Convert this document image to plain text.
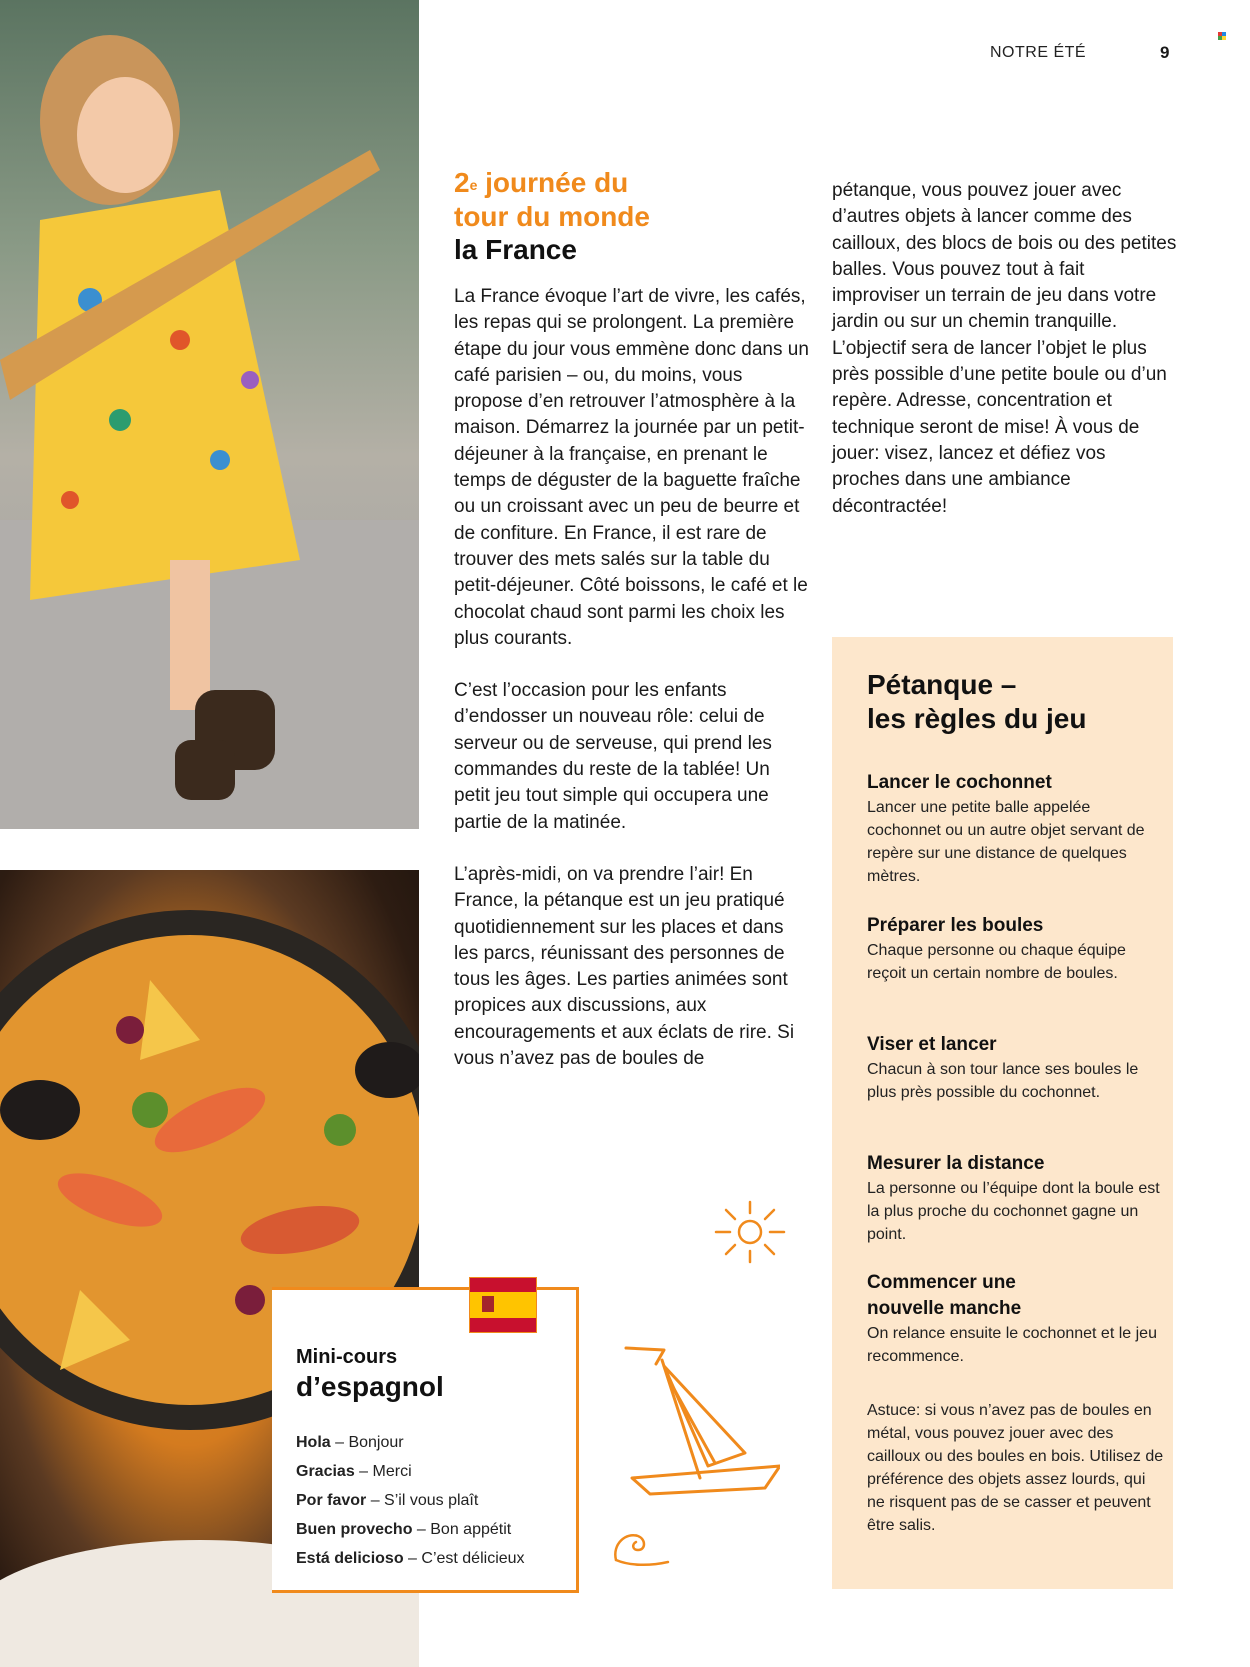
NOTRE ÉTÉ	9
2e journée du
tour du monde
la France

La France évoque l’art de vivre, les cafés, les repas qui se prolongent. La première étape du jour vous emmène donc dans un café parisien – ou, du moins, vous propose d’en retrouver l’atmosphère à la maison. Démarrez la journée par un petit-déjeuner à la française, en prenant le temps de déguster de la baguette fraîche ou un croissant avec un peu de beurre et de confiture. En France, il est rare de trouver des mets salés sur la table du petit-déjeuner. Côté boissons, le café et le chocolat chaud sont parmi les choix les plus courants.

C’est l’occasion pour les enfants d’endosser un nouveau rôle: celui de serveur ou de serveuse, qui prend les commandes du reste de la tablée! Un petit jeu tout simple qui occupera une partie de la matinée.

L’après-midi, on va prendre l’air! En France, la pétanque est un jeu pratiqué quotidiennement sur les places et dans les parcs, réunissant des personnes de tous les âges. Les parties animées sont propices aux discussions, aux encouragements et aux éclats de rire. Si vous n’avez pas de boules de

pétanque, vous pouvez jouer avec d’autres objets à lancer comme des cailloux, des blocs de bois ou des petites balles. Vous pouvez tout à fait improviser un terrain de jeu dans votre jardin ou sur un chemin tranquille. L’objectif sera de lancer l’objet le plus près possible d’une petite boule ou d’un repère. Adresse, concentration et technique seront de mise! À vous de jouer: visez, lancez et défiez vos proches dans une ambiance décontractée!

Pétanque –
les règles du jeu
Lancer le cochonnet
Lancer une petite balle appelée cochonnet ou un autre objet servant de repère sur une distance de quelques mètres.
Préparer les boules
Chaque personne ou chaque équipe reçoit un certain nombre de boules.
Viser et lancer
Chacun à son tour lance ses boules le plus près possible du cochonnet.
Mesurer la distance
La personne ou l’équipe dont la boule est la plus proche du cochonnet gagne un point.
Commencer une nouvelle manche
On relance ensuite le cochonnet et le jeu recommence.
Astuce: si vous n’avez pas de boules en métal, vous pouvez jouer avec des cailloux ou des boules en bois. Utilisez de préférence des objets assez lourds, qui ne risquent pas de se casser et peuvent être salis.
Mini-cours
d’espagnol
Hola – Bonjour
Gracias – Merci
Por favor – S’il vous plaît
Buen provecho – Bon appétit
Está delicioso – C’est délicieux
